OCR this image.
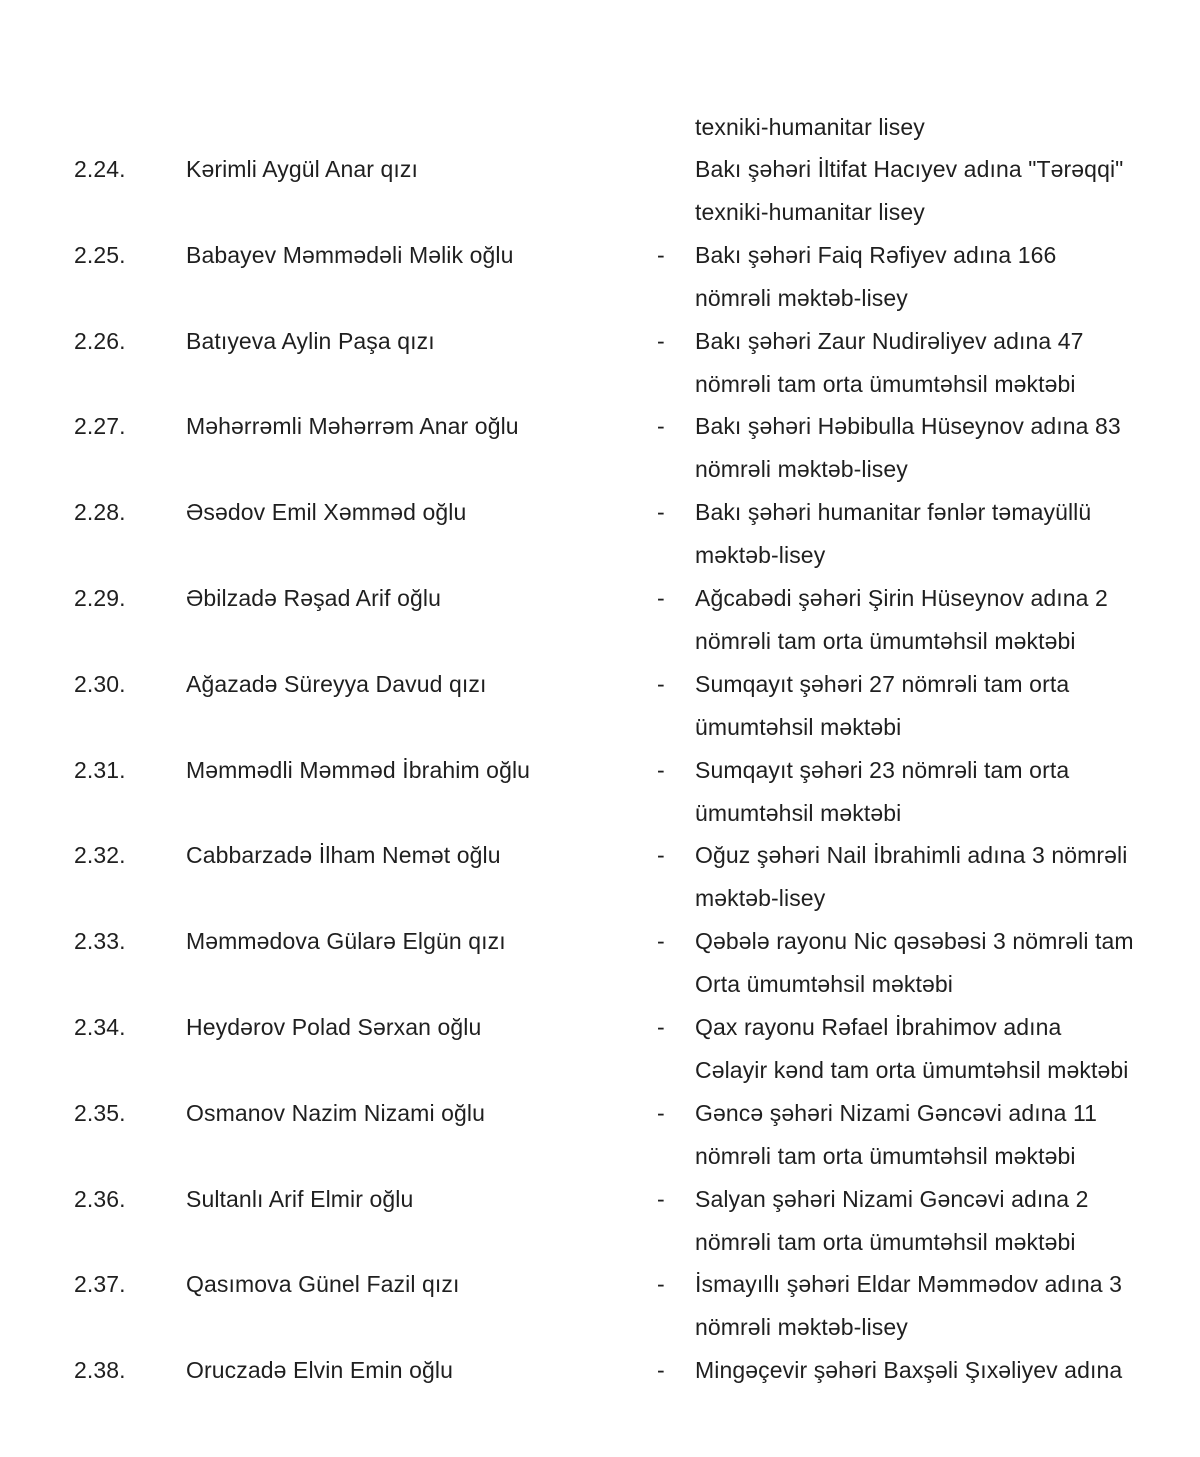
texniki-humanitar lisey
2.24.	Kərimli Aygül Anar qızı	Bakı şəhəri İltifat Hacıyev adına "Tərəqqi"
texniki-humanitar lisey
2.25.	Babayev Məmmədəli Məlik oğlu	- Bakı şəhəri Faiq Rəfiyev adına 166
nömrəli məktəb-lisey
2.26.	Batıyeva Aylin Paşa qızı	- Bakı şəhəri Zaur Nudirəliyev adına 47
nömrəli tam orta ümumtəhsil məktəbi
2.27.	Məhərrəmli Məhərrəm Anar oğlu	- Bakı şəhəri Həbibulla Hüseynov adına 83
nömrəli məktəb-lisey
2.28.	Əsədov Emil Xəmməd oğlu	- Bakı şəhəri humanitar fənlər təmayüllü
məktəb-lisey
2.29.	Əbilzadə Rəşad Arif oğlu	- Ağcabədi şəhəri Şirin Hüseynov adına 2
nömrəli tam orta ümumtəhsil məktəbi
2.30.	Ağazadə Süreyya Davud qızı	- Sumqayıt şəhəri 27 nömrəli tam orta
ümumtəhsil məktəbi
2.31.	Məmmədli Məmməd İbrahim oğlu	- Sumqayıt şəhəri 23 nömrəli tam orta
ümumtəhsil məktəbi
2.32.	Cabbarzadə İlham Nemət oğlu	- Oğuz şəhəri Nail İbrahimli adına 3 nömrəli
məktəb-lisey
2.33.	Məmmədova Gülarə Elgün qızı	- Qəbələ rayonu Nic qəsəbəsi 3 nömrəli tam
Orta ümumtəhsil məktəbi
2.34.	Heydərov Polad Sərxan oğlu	- Qax rayonu Rəfael İbrahimov adına
Cəlayir kənd tam orta ümumtəhsil məktəbi
2.35.	Osmanov Nazim Nizami oğlu	- Gəncə şəhəri Nizami Gəncəvi adına 11
nömrəli tam orta ümumtəhsil məktəbi
2.36.	Sultanlı Arif Elmir oğlu	- Salyan şəhəri Nizami Gəncəvi adına 2
nömrəli tam orta ümumtəhsil məktəbi
2.37.	Qasımova Günel Fazil qızı	- İsmayıllı şəhəri Eldar Məmmədov adına 3
nömrəli məktəb-lisey
2.38.	Oruczadə Elvin Emin oğlu	- Mingəçevir şəhəri Baxşəli Şıxəliyev adına
